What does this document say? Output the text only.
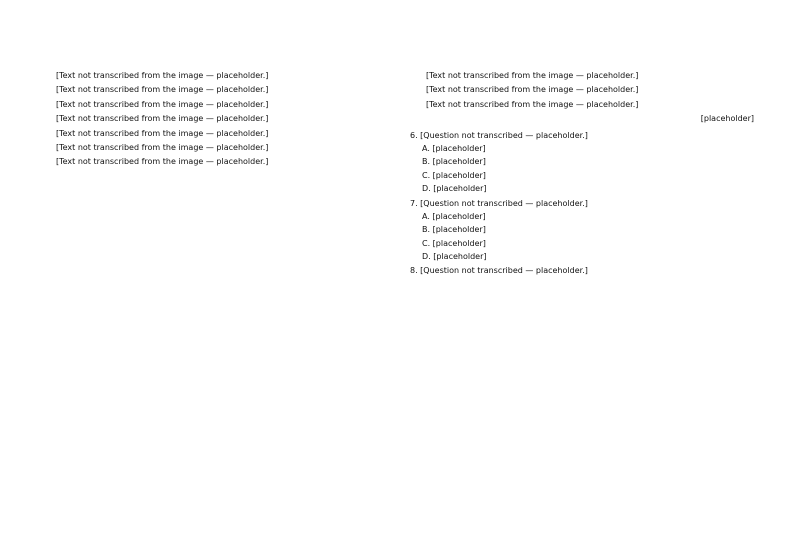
[Text not transcribed from the image — placeholder.]

[Text not transcribed from the image — placeholder.]

[Text not transcribed from the image — placeholder.]

[Text not transcribed from the image — placeholder.]

[Text not transcribed from the image — placeholder.]

[Text not transcribed from the image — placeholder.]

[Text not transcribed from the image — placeholder.]

[Text not transcribed from the image — placeholder.]

[Text not transcribed from the image — placeholder.]

[Text not transcribed from the image — placeholder.]

[placeholder]

6. [Question not transcribed — placeholder.]

A. [placeholder]

B. [placeholder]

C. [placeholder]

D. [placeholder]

7. [Question not transcribed — placeholder.]

A. [placeholder]

B. [placeholder]

C. [placeholder]

D. [placeholder]

8. [Question not transcribed — placeholder.]
